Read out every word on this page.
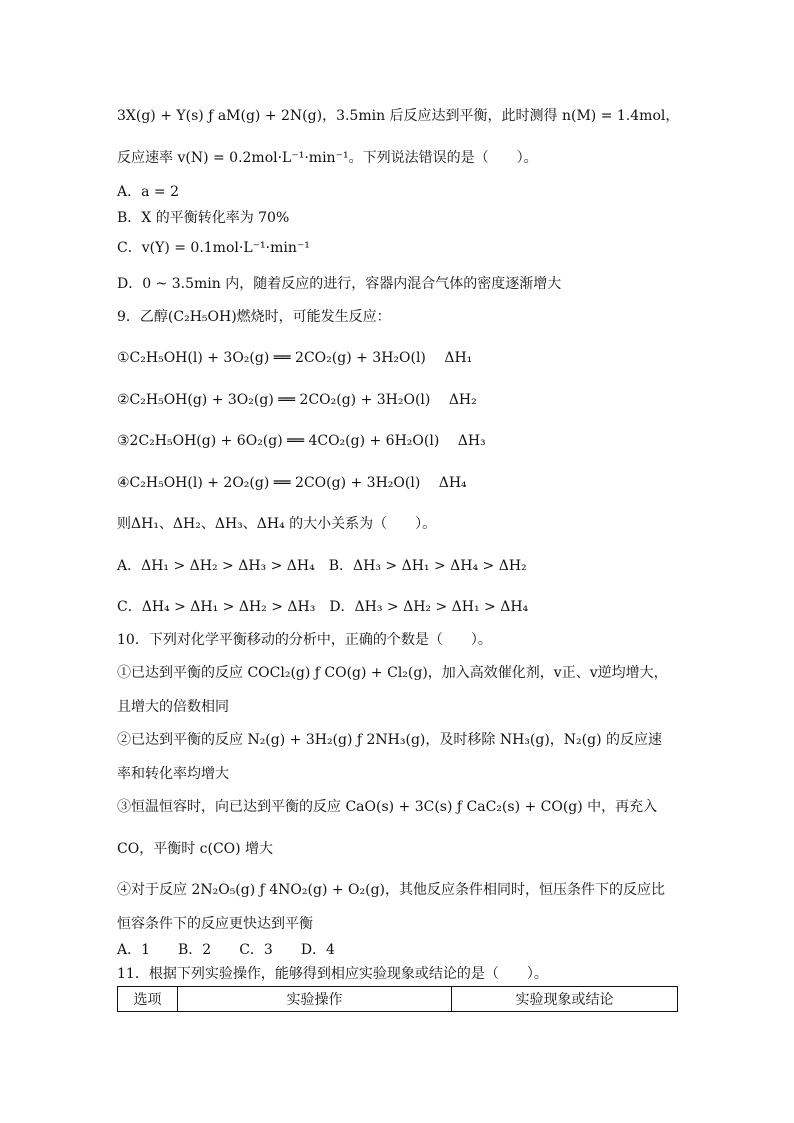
3X(g) + Y(s) ƒ aM(g) + 2N(g)，3.5min 后反应达到平衡，此时测得 n(M) = 1.4mol，
反应速率 v(N) = 0.2mol·L⁻¹·min⁻¹。下列说法错误的是（　　）。
A．a = 2
B．X 的平衡转化率为 70%
C．v(Y) = 0.1mol·L⁻¹·min⁻¹
D．0 ~ 3.5min 内，随着反应的进行，容器内混合气体的密度逐渐增大
9．乙醇(C₂H₅OH)燃烧时，可能发生反应：
①C₂H₅OH(l) + 3O₂(g) ══ 2CO₂(g) + 3H₂O(l)　 ΔH₁
②C₂H₅OH(g) + 3O₂(g) ══ 2CO₂(g) + 3H₂O(l)　 ΔH₂
③2C₂H₅OH(g) + 6O₂(g) ══ 4CO₂(g) + 6H₂O(l)　 ΔH₃
④C₂H₅OH(l) + 2O₂(g) ══ 2CO(g) + 3H₂O(l)　 ΔH₄
则ΔH₁、ΔH₂、ΔH₃、ΔH₄ 的大小关系为（　　）。
A．ΔH₁ > ΔH₂ > ΔH₃ > ΔH₄　B．ΔH₃ > ΔH₁ > ΔH₄ > ΔH₂
C．ΔH₄ > ΔH₁ > ΔH₂ > ΔH₃　D．ΔH₃ > ΔH₂ > ΔH₁ > ΔH₄
10．下列对化学平衡移动的分析中，正确的个数是（　　）。
①已达到平衡的反应 COCl₂(g) ƒ CO(g) + Cl₂(g)，加入高效催化剂，v正、v逆均增大，
且增大的倍数相同
②已达到平衡的反应 N₂(g) + 3H₂(g) ƒ 2NH₃(g)，及时移除 NH₃(g)，N₂(g) 的反应速
率和转化率均增大
③恒温恒容时，向已达到平衡的反应 CaO(s) + 3C(s) ƒ CaC₂(s) + CO(g) 中，再充入
CO，平衡时 c(CO) 增大
④对于反应 2N₂O₅(g) ƒ 4NO₂(g) + O₂(g)，其他反应条件相同时，恒压条件下的反应比
恒容条件下的反应更快达到平衡
A．1　　B．2　　C．3　　D．4
11．根据下列实验操作，能够得到相应实验现象或结论的是（　　）。
选项	实验操作	实验现象或结论
